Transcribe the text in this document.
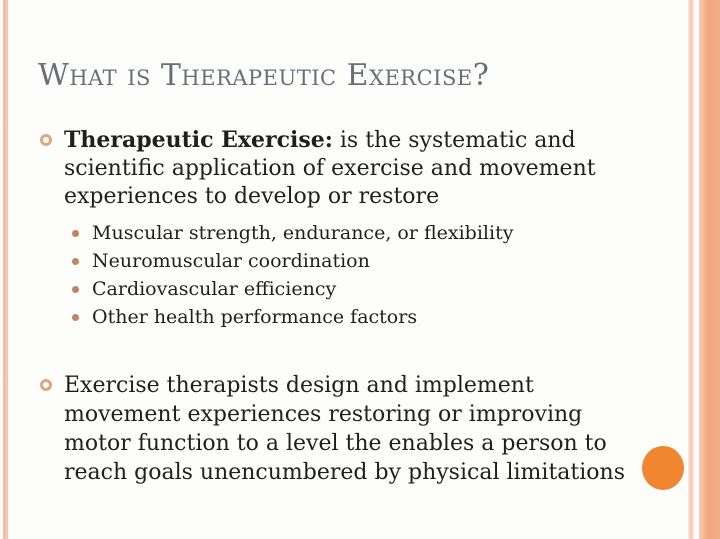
What is Therapeutic Exercise?
Therapeutic Exercise: is the systematic and
scientific application of exercise and movement
experiences to develop or restore
Muscular strength, endurance, or flexibility
Neuromuscular coordination
Cardiovascular efficiency
Other health performance factors
Exercise therapists design and implement
movement experiences restoring or improving
motor function to a level the enables a person to
reach goals unencumbered by physical limitations
